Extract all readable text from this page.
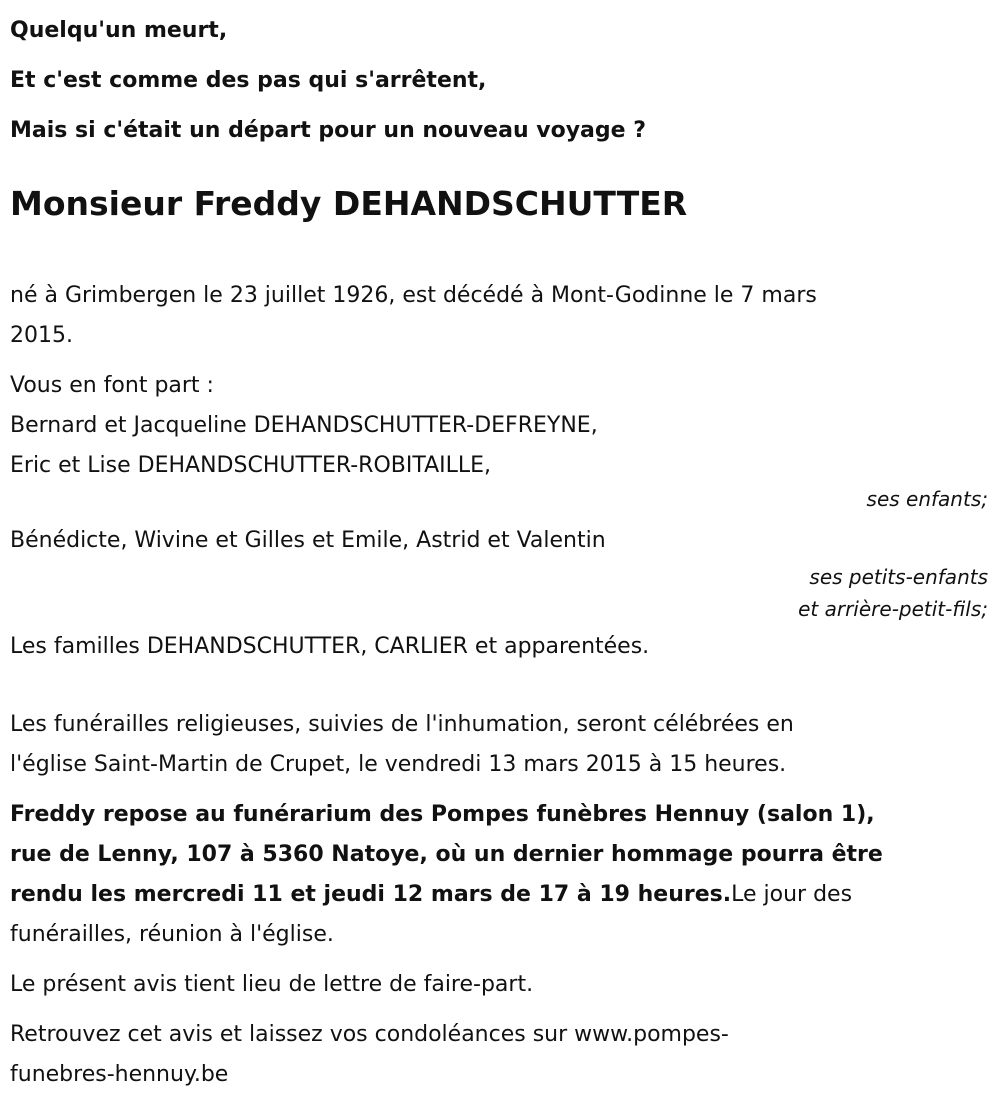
Quelqu'un meurt,
Et c'est comme des pas qui s'arrêtent,
Mais si c'était un départ pour un nouveau voyage ?
Monsieur Freddy DEHANDSCHUTTER
né à Grimbergen le 23 juillet 1926, est décédé à Mont-Godinne le 7 mars
2015.
Vous en font part :
Bernard et Jacqueline DEHANDSCHUTTER-DEFREYNE,
Eric et Lise DEHANDSCHUTTER-ROBITAILLE,
ses enfants;
Bénédicte, Wivine et Gilles et Emile, Astrid et Valentin
ses petits-enfants
et arrière-petit-fils;
Les familles DEHANDSCHUTTER, CARLIER et apparentées.
Les funérailles religieuses, suivies de l'inhumation, seront célébrées en
l'église Saint-Martin de Crupet, le vendredi 13 mars 2015 à 15 heures.
Freddy repose au funérarium des Pompes funèbres Hennuy (salon 1),
rue de Lenny, 107 à 5360 Natoye, où un dernier hommage pourra être
rendu les mercredi 11 et jeudi 12 mars de 17 à 19 heures.Le jour des
funérailles, réunion à l'église.
Le présent avis tient lieu de lettre de faire-part.
Retrouvez cet avis et laissez vos condoléances sur www.pompes-
funebres-hennuy.be
